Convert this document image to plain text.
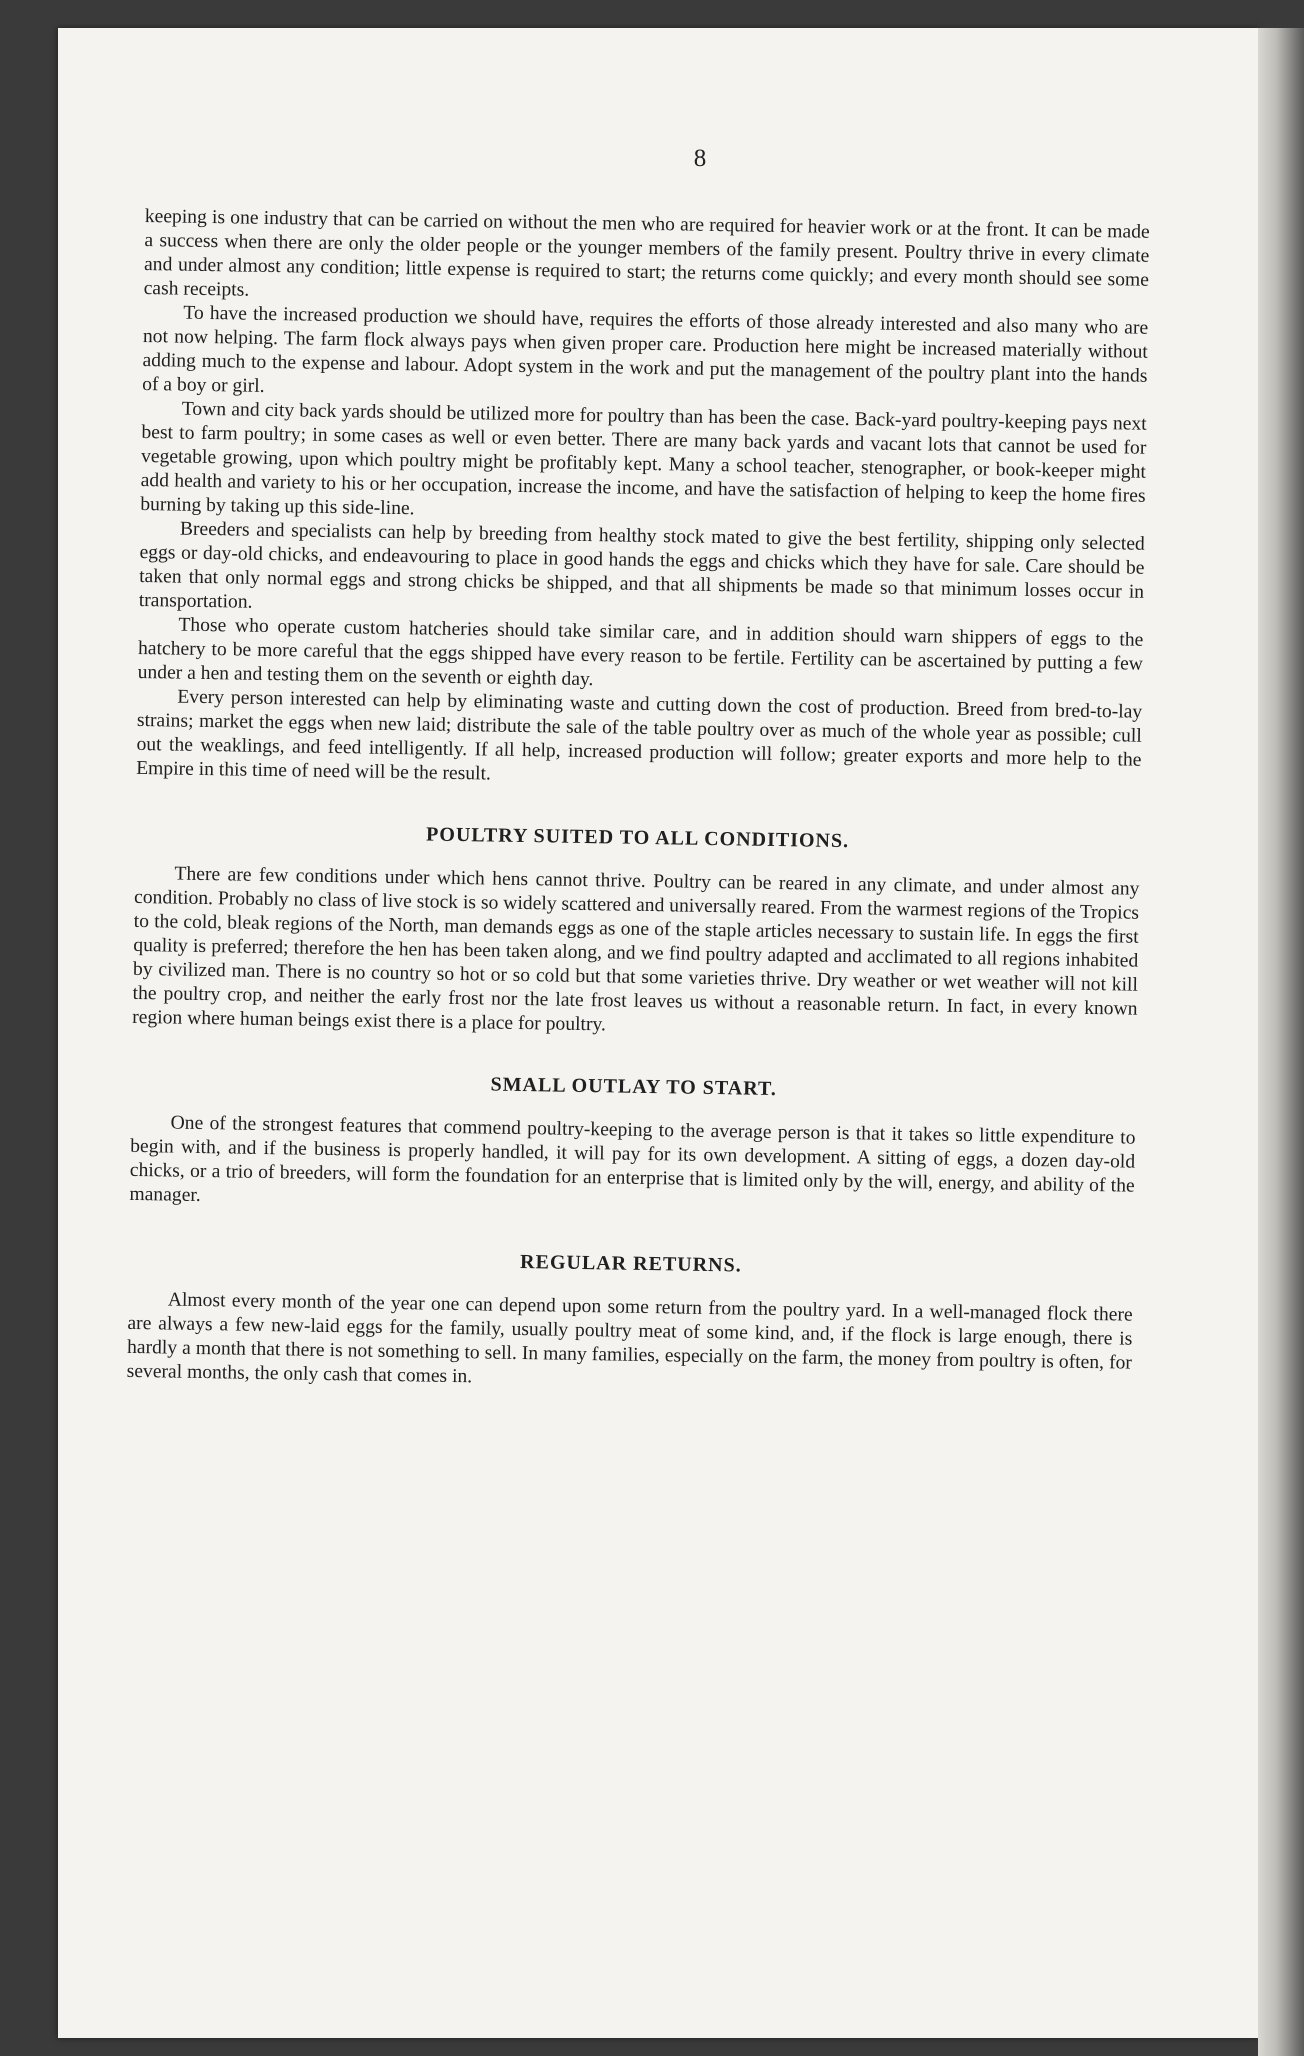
8

keeping is one industry that can be carried on without the men who are required for heavier work or at the front. It can be made a success when there are only the older people or the younger members of the family present. Poultry thrive in every climate and under almost any condition; little expense is required to start; the returns come quickly; and every month should see some cash receipts.

To have the increased production we should have, requires the efforts of those already interested and also many who are not now helping. The farm flock always pays when given proper care. Production here might be increased materially without adding much to the expense and labour. Adopt system in the work and put the management of the poultry plant into the hands of a boy or girl.

Town and city back yards should be utilized more for poultry than has been the case. Back-yard poultry-keeping pays next best to farm poultry; in some cases as well or even better. There are many back yards and vacant lots that cannot be used for vegetable growing, upon which poultry might be profitably kept. Many a school teacher, stenographer, or book-keeper might add health and variety to his or her occupation, increase the income, and have the satisfaction of helping to keep the home fires burning by taking up this side-line.

Breeders and specialists can help by breeding from healthy stock mated to give the best fertility, shipping only selected eggs or day-old chicks, and endeavouring to place in good hands the eggs and chicks which they have for sale. Care should be taken that only normal eggs and strong chicks be shipped, and that all shipments be made so that minimum losses occur in transportation.

Those who operate custom hatcheries should take similar care, and in addition should warn shippers of eggs to the hatchery to be more careful that the eggs shipped have every reason to be fertile. Fertility can be ascertained by putting a few under a hen and testing them on the seventh or eighth day.

Every person interested can help by eliminating waste and cutting down the cost of production. Breed from bred-to-lay strains; market the eggs when new laid; distribute the sale of the table poultry over as much of the whole year as possible; cull out the weaklings, and feed intelligently. If all help, increased production will follow; greater exports and more help to the Empire in this time of need will be the result.

POULTRY SUITED TO ALL CONDITIONS.

There are few conditions under which hens cannot thrive. Poultry can be reared in any climate, and under almost any condition. Probably no class of live stock is so widely scattered and universally reared. From the warmest regions of the Tropics to the cold, bleak regions of the North, man demands eggs as one of the staple articles necessary to sustain life. In eggs the first quality is preferred; therefore the hen has been taken along, and we find poultry adapted and acclimated to all regions inhabited by civilized man. There is no country so hot or so cold but that some varieties thrive. Dry weather or wet weather will not kill the poultry crop, and neither the early frost nor the late frost leaves us without a reasonable return. In fact, in every known region where human beings exist there is a place for poultry.

SMALL OUTLAY TO START.

One of the strongest features that commend poultry-keeping to the average person is that it takes so little expenditure to begin with, and if the business is properly handled, it will pay for its own development. A sitting of eggs, a dozen day-old chicks, or a trio of breeders, will form the foundation for an enterprise that is limited only by the will, energy, and ability of the manager.

REGULAR RETURNS.

Almost every month of the year one can depend upon some return from the poultry yard. In a well-managed flock there are always a few new-laid eggs for the family, usually poultry meat of some kind, and, if the flock is large enough, there is hardly a month that there is not something to sell. In many families, especially on the farm, the money from poultry is often, for several months, the only cash that comes in.
